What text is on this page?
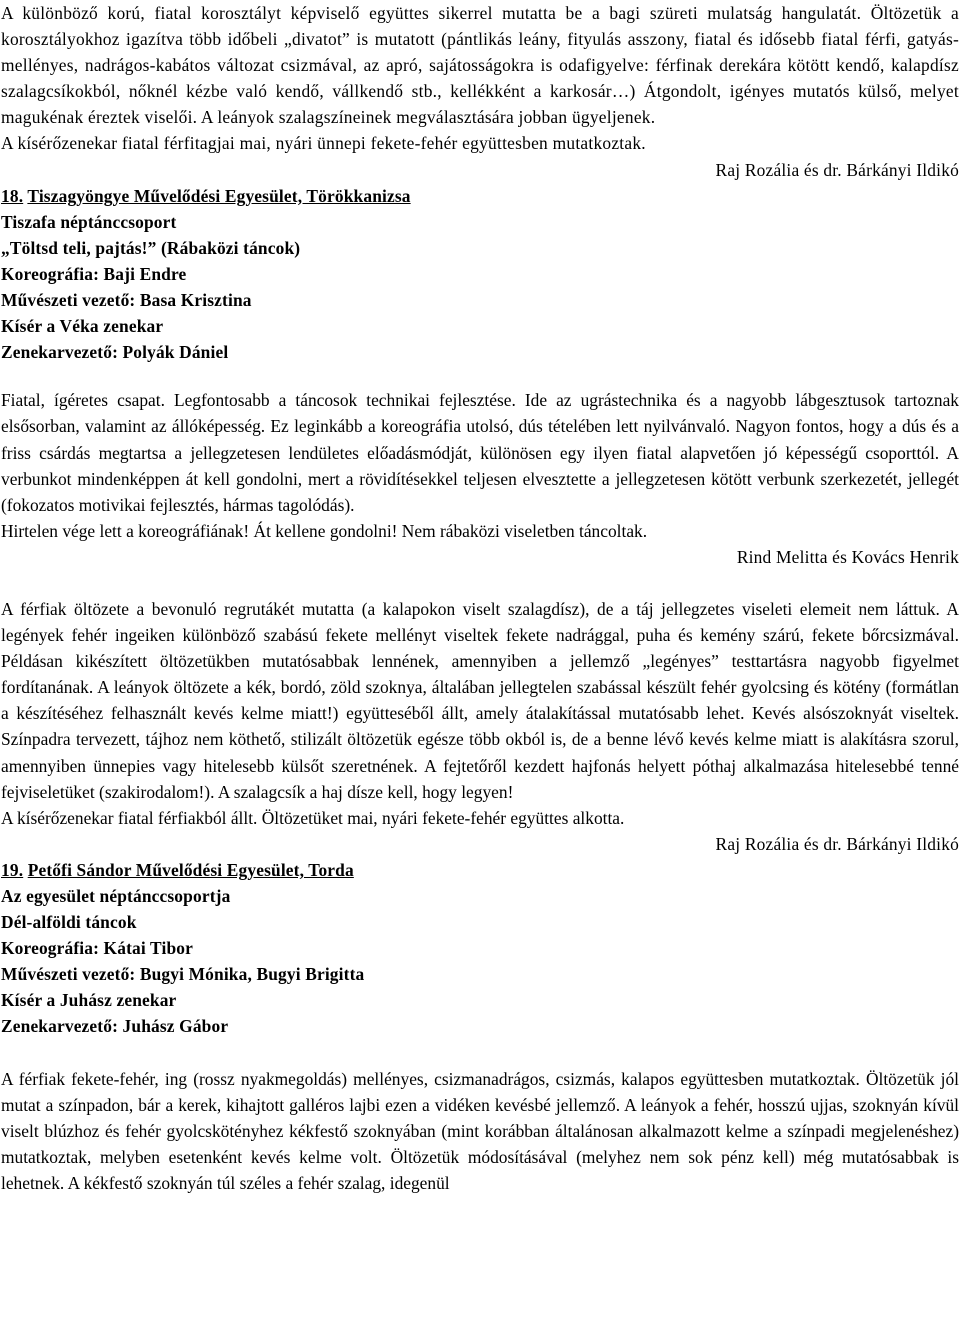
A különböző korú, fiatal korosztályt képviselő együttes sikerrel mutatta be a bagi szüreti mulatság hangulatát. Öltözetük a korosztályokhoz igazítva több időbeli „divatot” is mutatott (pántlikás leány, fityulás asszony, fiatal és idősebb fiatal férfi, gatyás-mellényes, nadrágos-kabátos változat csizmával, az apró, sajátosságokra is odafigyelve: férfinak derekára kötött kendő, kalapdísz szalagcsíkokból, nőknél kézbe való kendő, vállkendő stb., kellékként a karkosár…) Átgondolt, igényes mutatós külső, melyet magukénak éreztek viselői. A leányok szalagszíneinek megválasztására jobban ügyeljenek.

A kísérőzenekar fiatal férfitagjai mai, nyári ünnepi fekete-fehér együttesben mutatkoztak.

Raj Rozália és dr. Bárkányi Ildikó

18. Tiszagyöngye Művelődési Egyesület, Törökkanizsa

Tiszafa néptánccsoport

„Töltsd teli, pajtás!” (Rábaközi táncok)

Koreográfia: Baji Endre

Művészeti vezető: Basa Krisztina

Kísér a Véka zenekar

Zenekarvezető: Polyák Dániel

Fiatal, ígéretes csapat. Legfontosabb a táncosok technikai fejlesztése. Ide az ugrástechnika és a nagyobb lábgesztusok tartoznak elsősorban, valamint az állóképesség. Ez leginkább a koreográfia utolsó, dús tételében lett nyilvánvaló. Nagyon fontos, hogy a dús és a friss csárdás megtartsa a jellegzetesen lendületes előadásmódját, különösen egy ilyen fiatal alapvetően jó képességű csoporttól. A verbunkot mindenképpen át kell gondolni, mert a rövidítésekkel teljesen elvesztette a jellegzetesen kötött verbunk szerkezetét, jellegét (fokozatos motivikai fejlesztés, hármas tagolódás).

Hirtelen vége lett a koreográfiának! Át kellene gondolni! Nem rábaközi viseletben táncoltak.

Rind Melitta és Kovács Henrik

A férfiak öltözete a bevonuló regrutákét mutatta (a kalapokon viselt szalagdísz), de a táj jellegzetes viseleti elemeit nem láttuk. A legények fehér ingeiken különböző szabású fekete mellényt viseltek fekete nadrággal, puha és kemény szárú, fekete bőrcsizmával. Példásan kikészített öltözetükben mutatósabbak lennének, amennyiben a jellemző „legényes” testtartásra nagyobb figyelmet fordítanának. A leányok öltözete a kék, bordó, zöld szoknya, általában jellegtelen szabással készült fehér gyolcsing és kötény (formátlan a készítéséhez felhasznált kevés kelme miatt!) együtteséből állt, amely átalakítással mutatósabb lehet. Kevés alsószoknyát viseltek. Színpadra tervezett, tájhoz nem köthető, stilizált öltözetük egésze több okból is, de a benne lévő kevés kelme miatt is alakításra szorul, amennyiben ünnepies vagy hitelesebb külsőt szeretnének. A fejtetőről kezdett hajfonás helyett póthaj alkalmazása hitelesebbé tenné fejviseletüket (szakirodalom!). A szalagcsík a haj dísze kell, hogy legyen!

A kísérőzenekar fiatal férfiakból állt. Öltözetüket mai, nyári fekete-fehér együttes alkotta.

Raj Rozália és dr. Bárkányi Ildikó

19. Petőfi Sándor Művelődési Egyesület, Torda

Az egyesület néptánccsoportja

Dél-alföldi táncok

Koreográfia: Kátai Tibor

Művészeti vezető: Bugyi Mónika, Bugyi Brigitta

Kísér a Juhász zenekar

Zenekarvezető: Juhász Gábor

A férfiak fekete-fehér, ing (rossz nyakmegoldás) mellényes, csizmanadrágos, csizmás, kalapos együttesben mutatkoztak. Öltözetük jól mutat a színpadon, bár a kerek, kihajtott galléros lajbi ezen a vidéken kevésbé jellemző. A leányok a fehér, hosszú ujjas, szoknyán kívül viselt blúzhoz és fehér gyolcskötényhez kékfestő szoknyában (mint korábban általánosan alkalmazott kelme a színpadi megjelenéshez) mutatkoztak, melyben esetenként kevés kelme volt. Öltözetük módosításával (melyhez nem sok pénz kell) még mutatósabbak is lehetnek. A kékfestő szoknyán túl széles a fehér szalag, idegenül
